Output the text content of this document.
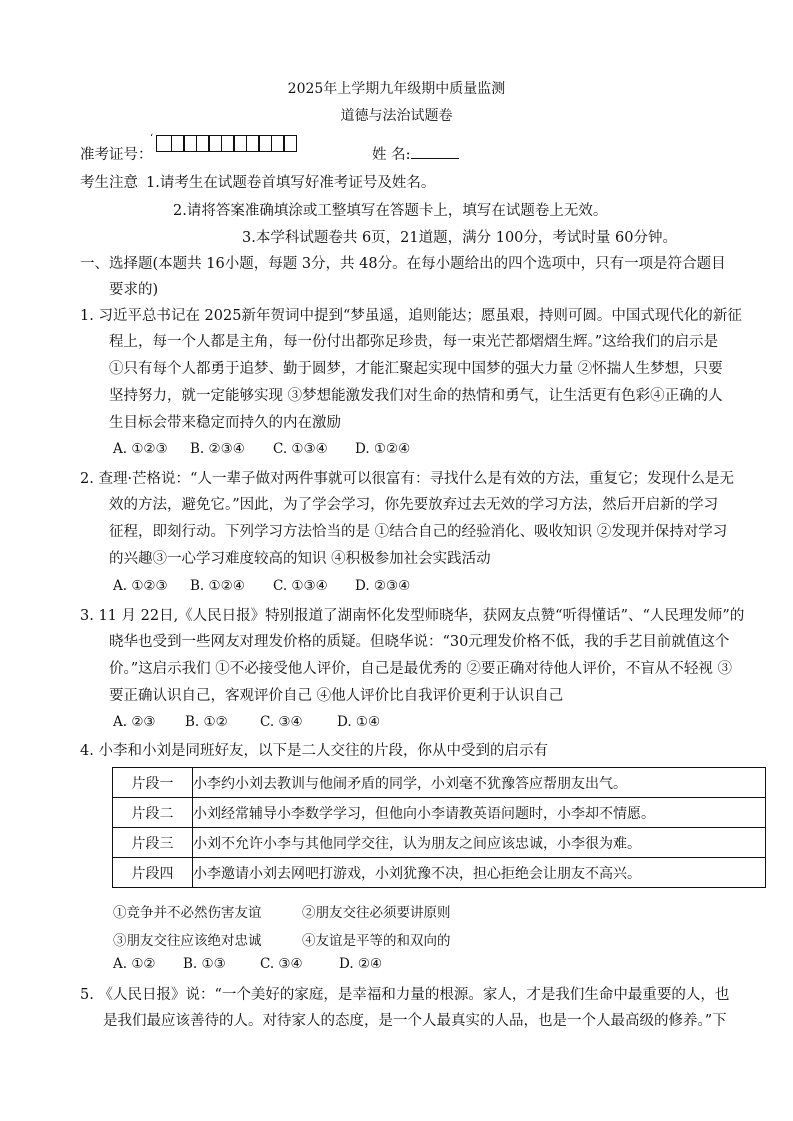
2025年上学期九年级期中质量监测
道德与法治试题卷
准考证号：
‘
姓 名:
考生注意 1.请考生在试题卷首填写好准考证号及姓名。
2.请将答案准确填涂或工整填写在答题卡上，填写在试题卷上无效。
3.本学科试题卷共 6页，21道题，满分 100分，考试时量 60分钟。
一、选择题(本题共 16小题，每题 3分，共 48分。在每小题给出的四个选项中，只有一项是符合题目
要求的)
1. 习近平总书记在 2025新年贺词中提到“梦虽遥，追则能达；愿虽艰，持则可圆。中国式现代化的新征
程上，每一个人都是主角，每一份付出都弥足珍贵，每一束光芒都熠熠生辉。”这给我们的启示是
①只有每个人都勇于追梦、勤于圆梦，才能汇聚起实现中国梦的强大力量 ②怀揣人生梦想，只要
坚持努力，就一定能够实现 ③梦想能激发我们对生命的热情和勇气，让生活更有色彩④正确的人
生目标会带来稳定而持久的内在激励
A. ①②③ B. ②③④ C. ①③④ D. ①②④
2. 查理·芒格说：“人一辈子做对两件事就可以很富有：寻找什么是有效的方法，重复它；发现什么是无
效的方法，避免它。”因此，为了学会学习，你先要放弃过去无效的学习方法，然后开启新的学习
征程，即刻行动。下列学习方法恰当的是 ①结合自己的经验消化、吸收知识 ②发现并保持对学习
的兴趣③一心学习难度较高的知识 ④积极参加社会实践活动
A. ①②③ B. ①②④ C. ①③④ D. ②③④
3. 11 月 22日,《人民日报》特别报道了湖南怀化发型师晓华，获网友点赞“听得懂话”、“人民理发师”的
晓华也受到一些网友对理发价格的质疑。但晓华说：“30元理发价格不低，我的手艺目前就值这个
价。”这启示我们 ①不必接受他人评价，自己是最优秀的 ②要正确对待他人评价，不盲从不轻视 ③
要正确认识自己，客观评价自己 ④他人评价比自我评价更利于认识自己
A. ②③ B. ①② C. ③④	D. ①④
4. 小李和小刘是同班好友，以下是二人交往的片段，你从中受到的启示有
片段一	小李约小刘去教训与他闹矛盾的同学，小刘毫不犹豫答应帮朋友出气。
片段二	小刘经常辅导小李数学学习，但他向小李请教英语问题时，小李却不情愿。
片段三	小刘不允许小李与其他同学交往，认为朋友之间应该忠诚，小李很为难。
片段四	小李邀请小刘去网吧打游戏，小刘犹豫不决，担心拒绝会让朋友不高兴。
①竞争并不必然伤害友谊	②朋友交往必须要讲原则
③朋友交往应该绝对忠诚	④友谊是平等的和双向的
A. ①② B. ①③	C. ③④	D. ②④
5. 《人民日报》说：“一个美好的家庭，是幸福和力量的根源。家人，才是我们生命中最重要的人，也
是我们最应该善待的人。对待家人的态度，是一个人最真实的人品，也是一个人最高级的修养。”下
